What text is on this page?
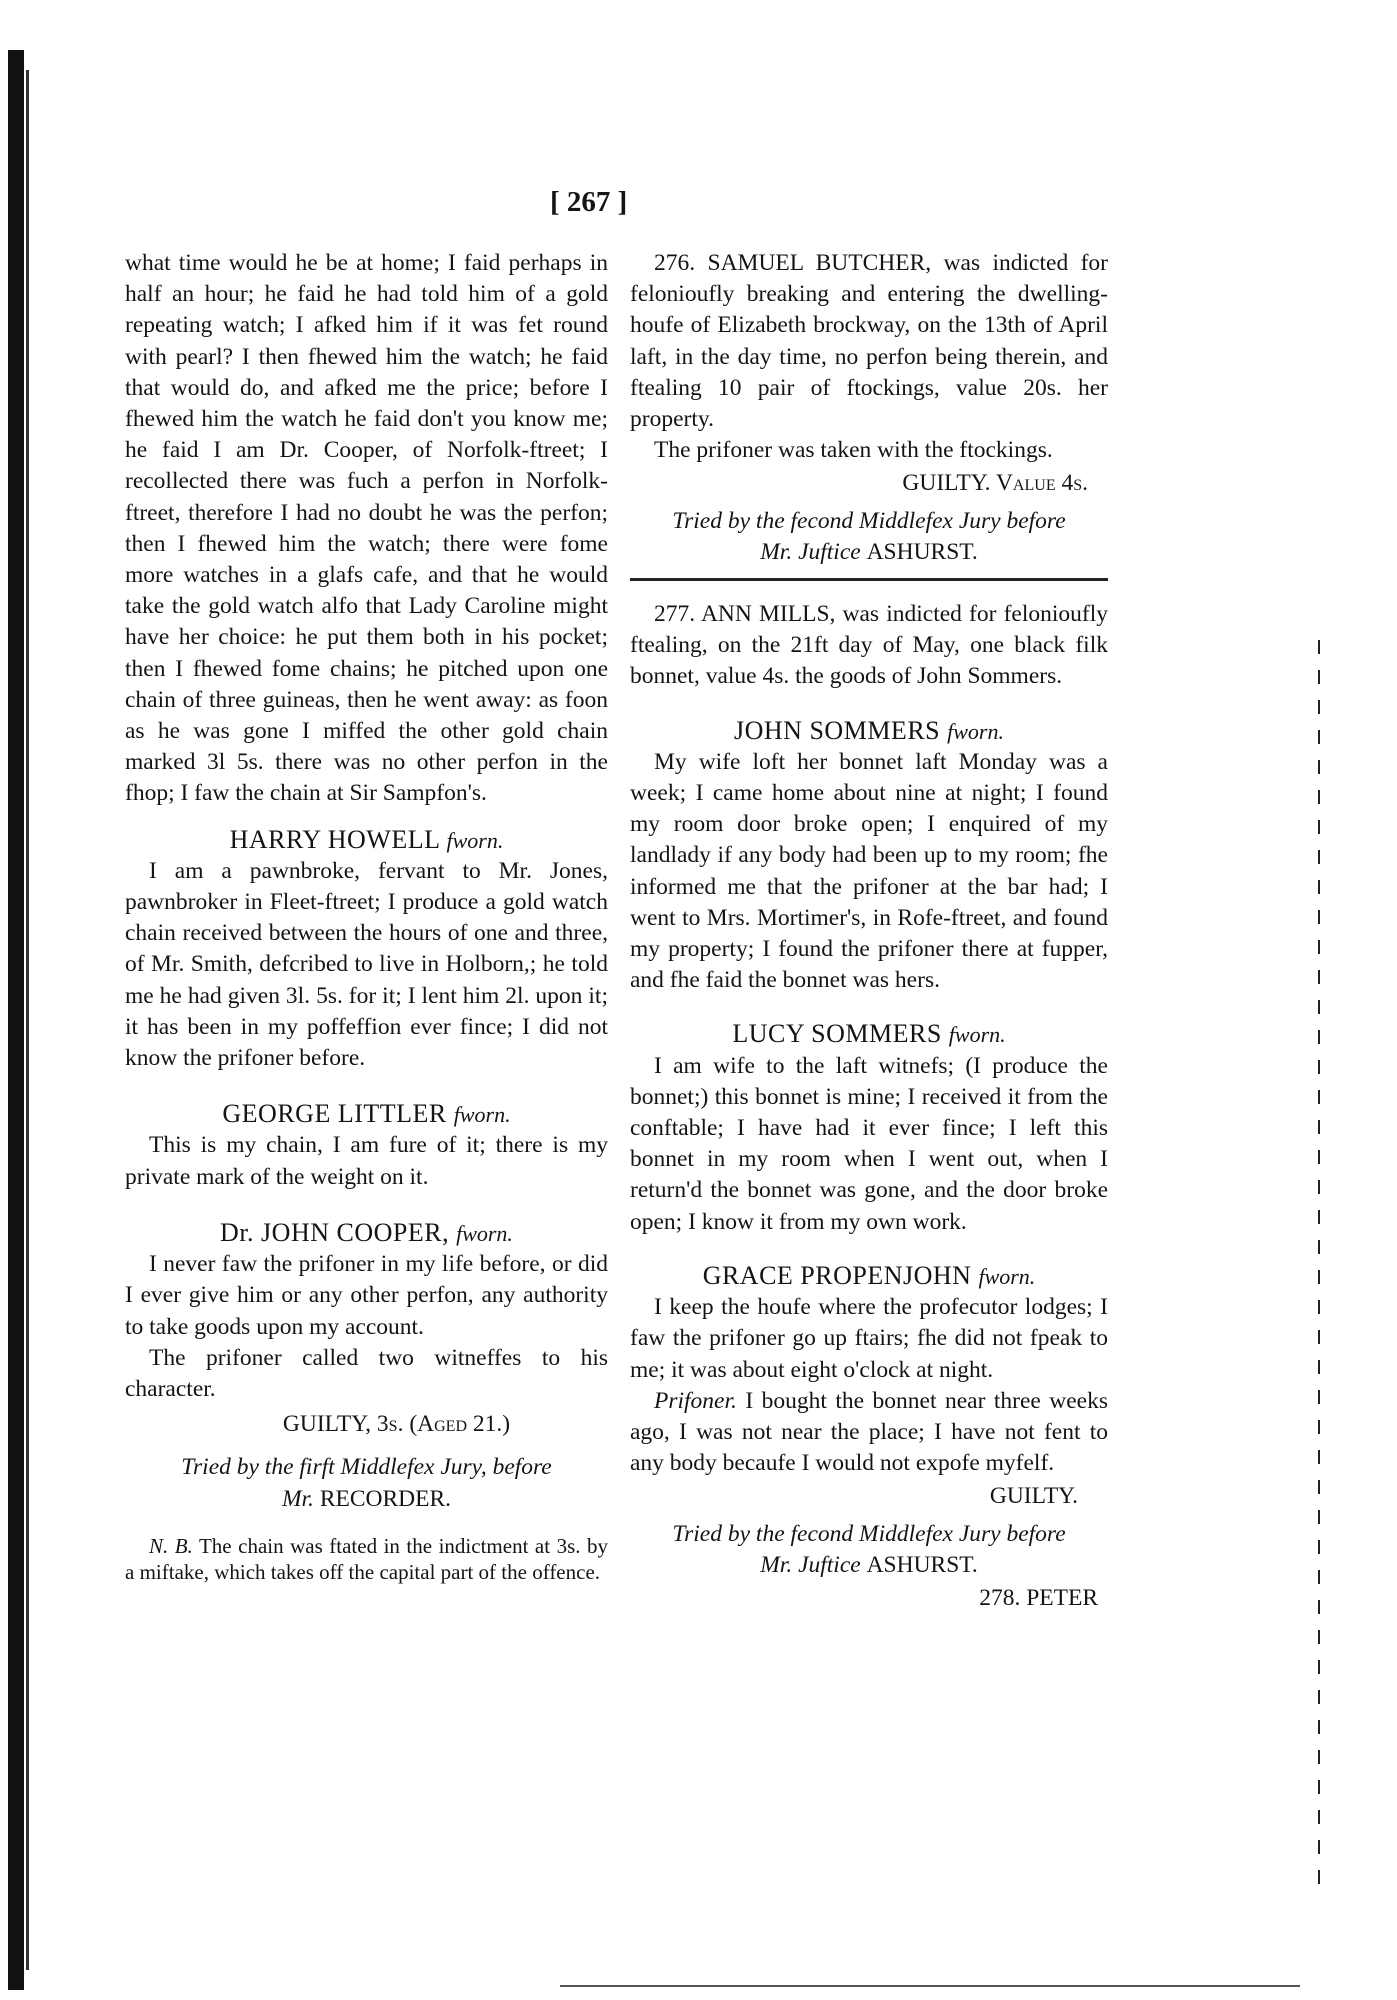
[ 267 ]

what time would he be at home; I faid perhaps in half an hour; he faid he had told him of a gold repeating watch; I afked him if it was fet round with pearl? I then fhewed him the watch; he faid that would do, and afked me the price; before I fhewed him the watch he faid don't you know me; he faid I am Dr. Cooper, of Norfolk-ftreet; I recollected there was fuch a perfon in Norfolk-ftreet, therefore I had no doubt he was the perfon; then I fhewed him the watch; there were fome more watches in a glafs cafe, and that he would take the gold watch alfo that Lady Caroline might have her choice: he put them both in his pocket; then I fhewed fome chains; he pitched upon one chain of three guineas, then he went away: as foon as he was gone I miffed the other gold chain marked 3l 5s. there was no other perfon in the fhop; I faw the chain at Sir Sampfon's.

HARRY HOWELL fworn.

I am a pawnbroke, fervant to Mr. Jones, pawnbroker in Fleet-ftreet; I produce a gold watch chain received between the hours of one and three, of Mr. Smith, defcribed to live in Holborn,; he told me he had given 3l. 5s. for it; I lent him 2l. upon it; it has been in my poffeffion ever fince; I did not know the prifoner before.

GEORGE LITTLER fworn.

This is my chain, I am fure of it; there is my private mark of the weight on it.

Dr. JOHN COOPER, fworn.

I never faw the prifoner in my life before, or did I ever give him or any other perfon, any authority to take goods upon my account.

The prifoner called two witneffes to his character.

GUILTY, 3s. (Aged 21.)

Tried by the firft Middlefex Jury, before
Mr. RECORDER.

N. B. The chain was ftated in the indictment at 3s. by a miftake, which takes off the capital part of the offence.

276. SAMUEL BUTCHER, was indicted for felonioufly breaking and entering the dwelling-houfe of Elizabeth brockway, on the 13th of April laft, in the day time, no perfon being therein, and ftealing 10 pair of ftockings, value 20s. her property.

The prifoner was taken with the ftockings.

GUILTY. Value 4s.

Tried by the fecond Middlefex Jury before
Mr. Juftice ASHURST.

277. ANN MILLS, was indicted for felonioufly ftealing, on the 21ft day of May, one black filk bonnet, value 4s. the goods of John Sommers.

JOHN SOMMERS fworn.

My wife loft her bonnet laft Monday was a week; I came home about nine at night; I found my room door broke open; I enquired of my landlady if any body had been up to my room; fhe informed me that the prifoner at the bar had; I went to Mrs. Mortimer's, in Rofe-ftreet, and found my property; I found the prifoner there at fupper, and fhe faid the bonnet was hers.

LUCY SOMMERS fworn.

I am wife to the laft witnefs; (I produce the bonnet;) this bonnet is mine; I received it from the conftable; I have had it ever fince; I left this bonnet in my room when I went out, when I return'd the bonnet was gone, and the door broke open; I know it from my own work.

GRACE PROPENJOHN fworn.

I keep the houfe where the profecutor lodges; I faw the prifoner go up ftairs; fhe did not fpeak to me; it was about eight o'clock at night.

Prifoner. I bought the bonnet near three weeks ago, I was not near the place; I have not fent to any body becaufe I would not expofe myfelf.

GUILTY.

Tried by the fecond Middlefex Jury before
Mr. Juftice ASHURST.

278. PETER
